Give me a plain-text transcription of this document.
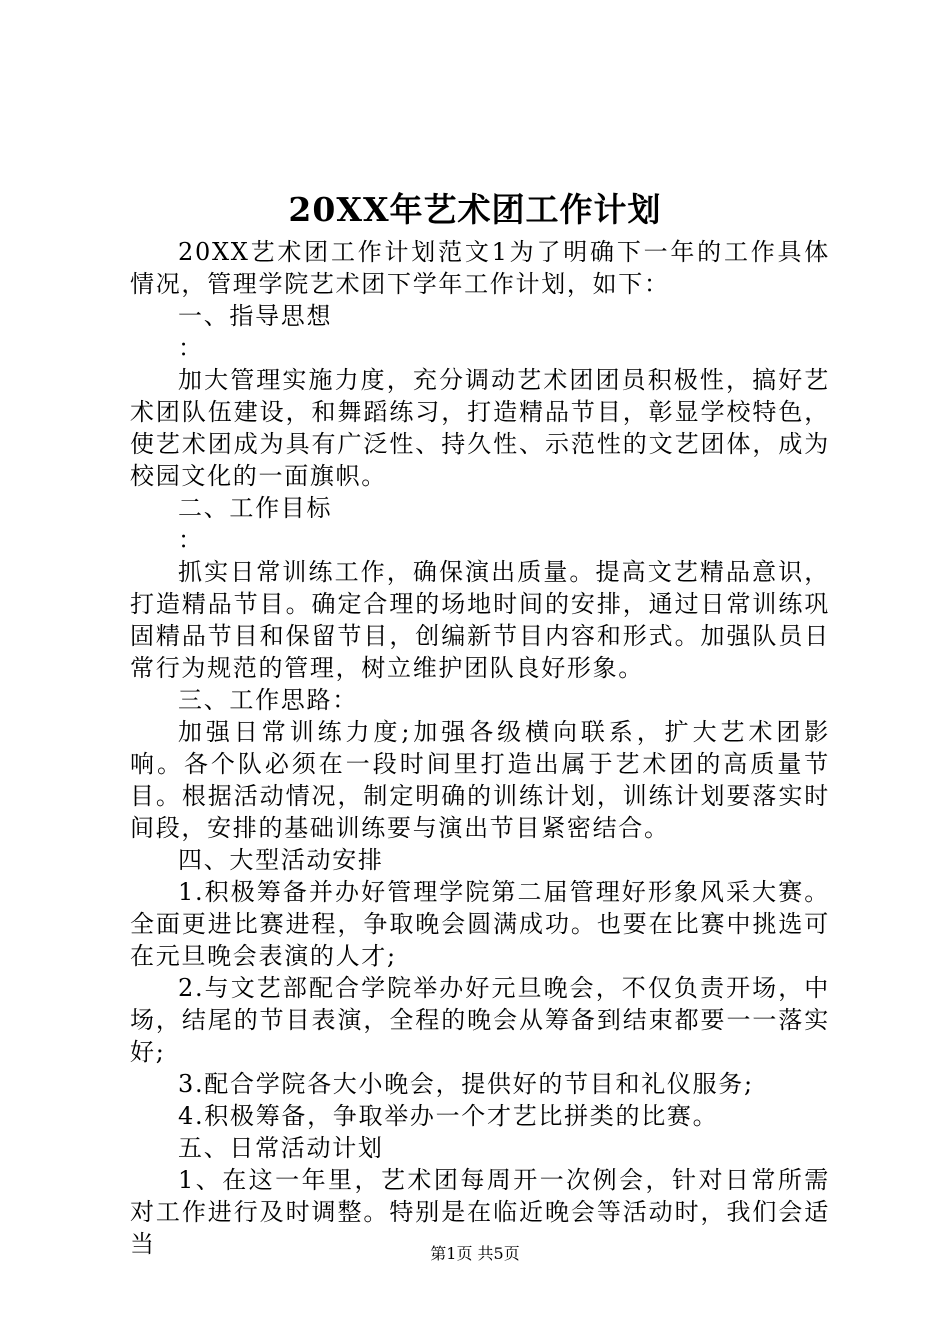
20XX年艺术团工作计划

20XX艺术团工作计划范文1为了明确下一年的工作具体情况，管理学院艺术团下学年工作计划，如下：

一、指导思想

：

加大管理实施力度，充分调动艺术团团员积极性，搞好艺术团队伍建设，和舞蹈练习，打造精品节目，彰显学校特色，使艺术团成为具有广泛性、持久性、示范性的文艺团体，成为校园文化的一面旗帜。

二、工作目标

：

抓实日常训练工作，确保演出质量。提高文艺精品意识，打造精品节目。确定合理的场地时间的安排，通过日常训练巩固精品节目和保留节目，创编新节目内容和形式。加强队员日常行为规范的管理，树立维护团队良好形象。

三、工作思路：

加强日常训练力度;加强各级横向联系，扩大艺术团影响。各个队必须在一段时间里打造出属于艺术团的高质量节目。根据活动情况，制定明确的训练计划，训练计划要落实时间段，安排的基础训练要与演出节目紧密结合。

四、大型活动安排

1.积极筹备并办好管理学院第二届管理好形象风采大赛。全面更进比赛进程，争取晚会圆满成功。也要在比赛中挑选可在元旦晚会表演的人才;

2.与文艺部配合学院举办好元旦晚会，不仅负责开场，中场，结尾的节目表演，全程的晚会从筹备到结束都要一一落实好;

3.配合学院各大小晚会，提供好的节目和礼仪服务;

4.积极筹备，争取举办一个才艺比拼类的比赛。

五、日常活动计划

1、在这一年里，艺术团每周开一次例会，针对日常所需对工作进行及时调整。特别是在临近晚会等活动时，我们会适当	第1页 共5页
